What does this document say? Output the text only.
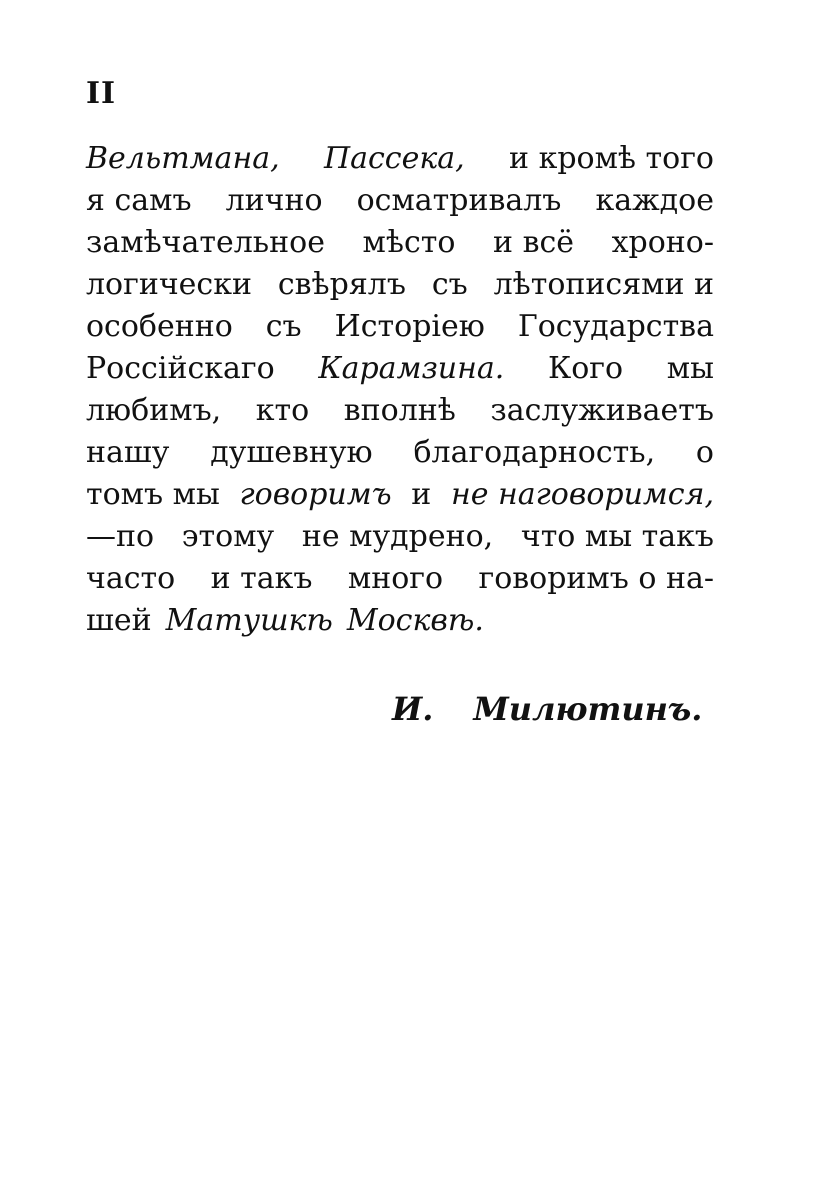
II
Вельтмана, Пассека, и кромѣ того
я самъ лично осматривалъ каждое
замѣчательное мѣсто и всё хроно-
логически свѣрялъ съ лѣтописями и
особенно съ Исторіею Государства
Россійскаго Карамзина. Кого мы
любимъ, кто вполнѣ заслуживаетъ
нашу душевную благодарность, о
томъ мы говоримъ и не наговоримся,
—по этому не мудрено, что мы такъ
часто и такъ много говоримъ о на-
шей Матушкѣ Москвѣ.
И. Милютинъ.
